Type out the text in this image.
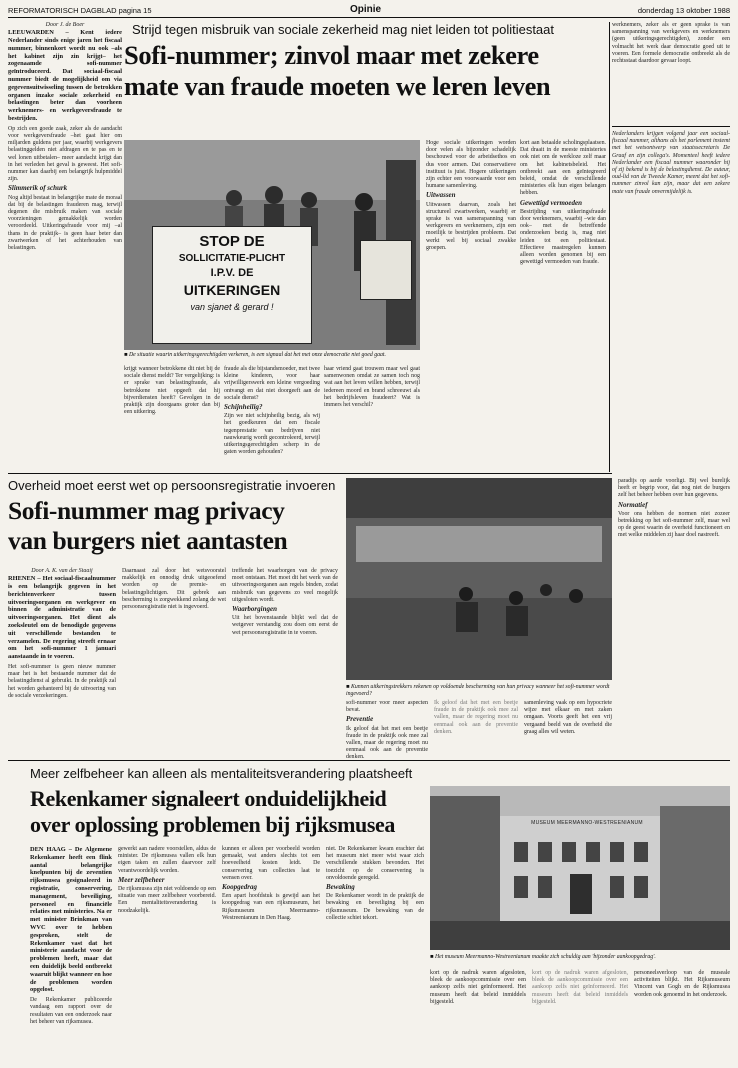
REFORMATORISCH DAGBLAD pagina 15	Opinie	donderdag 13 oktober 1988

Door J. de Boer

LEEUWARDEN – Kent iedere Nederlander sinds enige jaren het fiscaal nummer, binnenkort wordt nu ook –als het kabinet zijn zin krijgt– het zogenaamde sofi-nummer geïntroduceerd. Dat sociaal-fiscaal nummer biedt de mogelijkheid om via gegevensuitwisseling tussen de betrokken organen inzake sociale zekerheid en belastingen beter dan voorheen werknemers- en werkgeversfraude te bestrijden.

Op zich een goede zaak, zeker als de aandacht voor werkgeversfraude –het gaat hier om miljarden guldens per jaar, waarbij werkgevers belastinggelden niet afdragen en te pas en te wel lonen uitbetalen– meer aandacht krijgt dan in het verleden het geval is geweest. Het sofi-nummer kan daarbij een belangrijk hulpmiddel zijn.

Slimmerik of schurk

Nog altijd bestaat in belangrijke mate de moraal dat bij de belastingen frauderen mag, terwijl degenen die misbruik maken van sociale voorzieningen gemakkelijk worden veroordeeld. Uitkeringsfraude voor mij –al thans in de praktijk– is geen haar beter dan zwartwerken of het achterhouden van belastingen.

Strijd tegen misbruik van sociale zekerheid mag niet leiden tot politiestaat
Sofi-nummer; zinvol maar met zekere
mate van fraude moeten we leren leven
STOP DE
SOLLICITATIE-PLICHT
I.P.V. DE
UITKERINGEN
van sjanet & gerard !
■ De situatie waarin uitkeringsgerechtigden verkeren, is een signaal dat het met onze democratie niet goed gaat.

krijgt wanneer betrokkene dit niet bij de sociale dienst meldt? Ter vergelijking: is er sprake van belastingfraude, als betrokkene niet opgeeft dat hij bijverdiensten heeft? Gevolgen in de praktijk zijn doorgaans groter dan bij een uitkering.

fraude als die bijstandsmoeder, met twee kleine kinderen, voor haar vrijwilligerswerk een kleine vergoeding ontvangt en dat niet doorgeeft aan de sociale dienst?

Schijnheilig?

Zijn we niet schijnheilig bezig, als wij het goedkeuren dat een fiscale tegenprestatie van bedrijven niet nauwkeurig wordt gecontroleerd, terwijl uitkeringsgerechtigden scherp in de gaten worden gehouden?

haar vriend gaat trouwen maar wel gaat samenwonen omdat ze samen toch nog wat aan het leven willen hebben, terwijl iedereen moord en brand schreeuwt als het bedrijfsleven fraudeert? Wat is immers het verschil?

Hoge sociale uitkeringen worden door velen als bijzonder schadelijk beschouwd voor de arbeidsethos en dus voor armen. Dat conservatieve instituut is juist. Hogere uitkeringen zijn echter een voorwaarde voor een humane samenleving.

Uitwassen

Uitwassen daarvan, zoals het structureel zwartwerken, waarbij er sprake is van samenspanning van werkgevers en werknemers, zijn een moeilijk te bestrijden probleem. Dat werkt wel bij sociaal zwakke groepen.

kort aan betaalde scholingsplaatsen. Dat draait in de meeste ministeries ook niet om de werkloze zelf maar om het kabinetsbeleid. Het ontbreekt aan een geïntegreerd beleid, omdat de verschillende ministeries elk hun eigen belangen hebben.

Gewettigd vermoeden

Bestrijding van uitkeringsfraude door werknemers, waarbij –wie dan ook– met de betreffende onderzoeken bezig is, mag niet leiden tot een politiestaat. Effectieve maatregelen kunnen alleen worden genomen bij een gewettigd vermoeden van fraude.

werknemers, zeker als er geen sprake is van samenspanning van werkgevers en werknemers (geen uitkeringsgerechtigden), zonder een volmacht het werk daar democratie goed uit te voeren. Een formele democratie ontbreekt als de rechtsstaat daardoor gevaar loopt.

Nederlanders krijgen volgend jaar een sociaal-fiscaal nummer, althans als het parlement instemt met het wetsontwerp van staatssecretaris De Graaf en zijn collega's. Momenteel heeft iedere Nederlander een fiscaal nummer waaronder hij of zij bekend is bij de belastingdienst. De auteur, oud-lid van de Tweede Kamer, meent dat het sofi-nummer zinvol kan zijn, maar dat een zekere mate van fraude onvermijdelijk is.

Overheid moet eerst wet op persoonsregistratie invoeren
Sofi-nummer mag privacy
van burgers niet aantasten

Door A. K. van der Staaij

RHENEN – Het sociaal-fiscaalnummer is een belangrijk gegeven in het berichtenverkeer tussen uitvoeringsorganen en werkgever en binnen de administratie van de uitvoeringsorganen. Het dient als zoeksleutel om de benodigde gegevens uit verschillende bestanden te verzamelen. De regering streeft ernaar om het sofi-nummer 1 januari aanstaande in te voeren.

Het sofi-nummer is geen nieuw nummer maar het is het bestaande nummer dat de belastingdienst al gebruikt. In de praktijk zal het worden gehanteerd bij de uitvoering van de sociale verzekeringen.

Daarnaast zal door het wetsvoorstel makkelijk en onnodig druk uitgeoefend worden op de premie- en belastingplichtigen. Dit gebrek aan bescherming is zorgwekkend zolang de wet persoonsregistratie niet is ingevoerd.

treffende het waarborgen van de privacy moet ontstaan. Het moet dit het werk van de uitvoeringsorganen aan regels binden, zodat misbruik van gegevens zo veel mogelijk uitgesloten wordt.

Waarborgingen

Uit het bovenstaande blijkt wel dat de wetgever verstandig zou doen om eerst de wet persoonsregistratie in te voeren.

■ Kunnen uitkeringstrekkers rekenen op voldoende bescherming van hun privacy wanneer het sofi-nummer wordt ingevoerd?

sofi-nummer voor meer aspecten bevat.

Preventie

Ik geloof dat het met een beetje fraude in de praktijk ook mee zal vallen, maar de regering moet nu eenmaal ook aan de preventie denken.

Ik geloof dat het met een beetje fraude in de praktijk ook mee zal vallen, maar de regering moet nu eenmaal ook aan de preventie denken.

samenleving vaak op een hypocriete wijze met elkaar en met zaken omgaan. Voorts geeft het een vrij vergaand beeld van de overheid die graag alles wil weten.

paradijs op aarde voorligt. Bij wel burelijk heeft er begrip voor, dat nog niet de burgers zelf het beheer hebben over hun gegevens.

Normatief

Voor ons hebben de normen niet zozeer betrekking op het sofi-nummer zelf, maar wel op de geest waarin de overheid functioneert en met welke middelen zij haar doel nastreeft.

Meer zelfbeheer kan alleen als mentaliteitsverandering plaatsheeft
Rekenkamer signaleert onduidelijkheid
over oplossing problemen bij rijksmusea

DEN HAAG – De Algemene Rekenkamer heeft een flink aantal belangrijke knelpunten bij de zeventien rijksmusea gesignaleerd in registratie, conservering, management, beveiliging, personeel en financiële relaties met ministeries. Na er met minister Brinkman van WVC over te hebben gesproken, stelt de Rekenkamer vast dat het ministerie aandacht voor de problemen heeft, maar dat een duidelijk beeld ontbreekt waaruit blijkt wanneer en hoe de problemen worden opgelost.

De Rekenkamer publiceerde vandaag een rapport over de resultaten van een onderzoek naar het beheer van rijksmusea.

gewerkt aan nadere voorstellen, aldus de minister. De rijksmusea vallen elk hun eigen taken en zullen daarvoor zelf verantwoordelijk worden.

Meer zelfbeheer

De rijksmusea zijn niet voldoende op een situatie van meer zelfbeheer voorbereid. Een mentaliteitsverandering is noodzakelijk.

kunnen er alleen per voorbeeld worden gemaakt, wat anders slechts tot een hoeveelheid kosten leidt. De conservering van collecties laat te wensen over.

Koopgedrag

Een apart hoofdstuk is gewijd aan het koopgedrag van een rijksmuseum, het Rijksmuseum Meermanno-Westreenianum in Den Haag.

niet. De Rekenkamer kwam erachter dat het museum niet meer wist waar zich verschillende stukken bevonden. Het toezicht op de conservering is onvoldoende geregeld.

Bewaking

De Rekenkamer wordt in de praktijk de bewaking en beveiliging bij een rijksmuseum. De bewaking van de collectie schiet tekort.

MUSEUM MEERMANNO-WESTREENIANUM
■ Het museum Meermanno-Westreenianum maakte zich schuldig aan 'bijzonder aankoopgedrag'.

kort op de nadruk waren afgesloten, bleek de aankoopcommissie over een aankoop zelfs niet geïnformeerd. Het museum heeft dat beleid inmiddels bijgesteld.

kort op de nadruk waren afgesloten, bleek de aankoopcommissie over een aankoop zelfs niet geïnformeerd. Het museum heeft dat beleid inmiddels bijgesteld.

personeelsverloop van de museale activiteiten blijkt. Het Rijksmuseum Vincent van Gogh en de Rijksmusea worden ook genoemd in het onderzoek.
